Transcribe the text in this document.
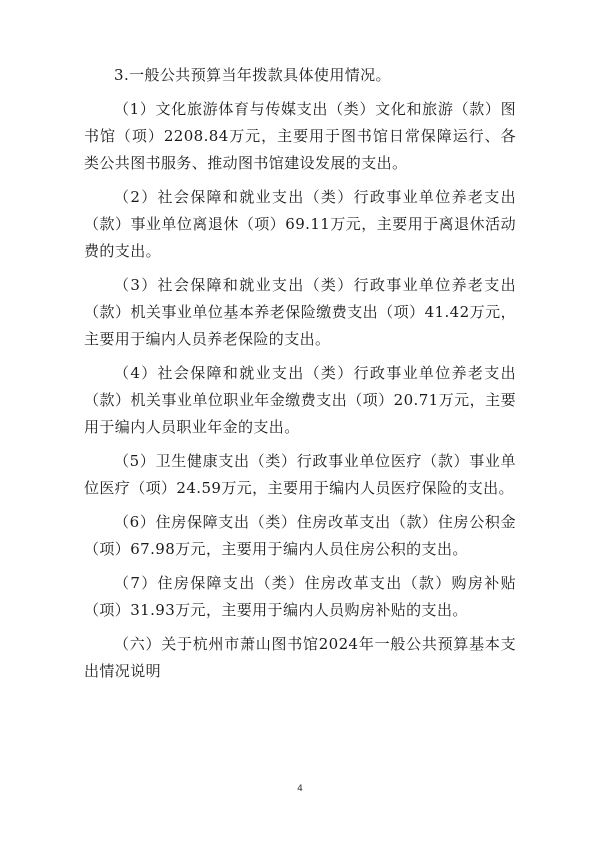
3.一般公共预算当年拨款具体使用情况。

（1）文化旅游体育与传媒支出（类）文化和旅游（款）图书馆（项）2208.84万元，主要用于图书馆日常保障运行、各类公共图书服务、推动图书馆建设发展的支出。

（2）社会保障和就业支出（类）行政事业单位养老支出（款）事业单位离退休（项）69.11万元，主要用于离退休活动费的支出。

（3）社会保障和就业支出（类）行政事业单位养老支出（款）机关事业单位基本养老保险缴费支出（项）41.42万元，主要用于编内人员养老保险的支出。

（4）社会保障和就业支出（类）行政事业单位养老支出（款）机关事业单位职业年金缴费支出（项）20.71万元，主要用于编内人员职业年金的支出。

（5）卫生健康支出（类）行政事业单位医疗（款）事业单位医疗（项）24.59万元，主要用于编内人员医疗保险的支出。

（6）住房保障支出（类）住房改革支出（款）住房公积金（项）67.98万元，主要用于编内人员住房公积的支出。

（7）住房保障支出（类）住房改革支出（款）购房补贴（项）31.93万元，主要用于编内人员购房补贴的支出。

（六）关于杭州市萧山图书馆2024年一般公共预算基本支出情况说明

4
